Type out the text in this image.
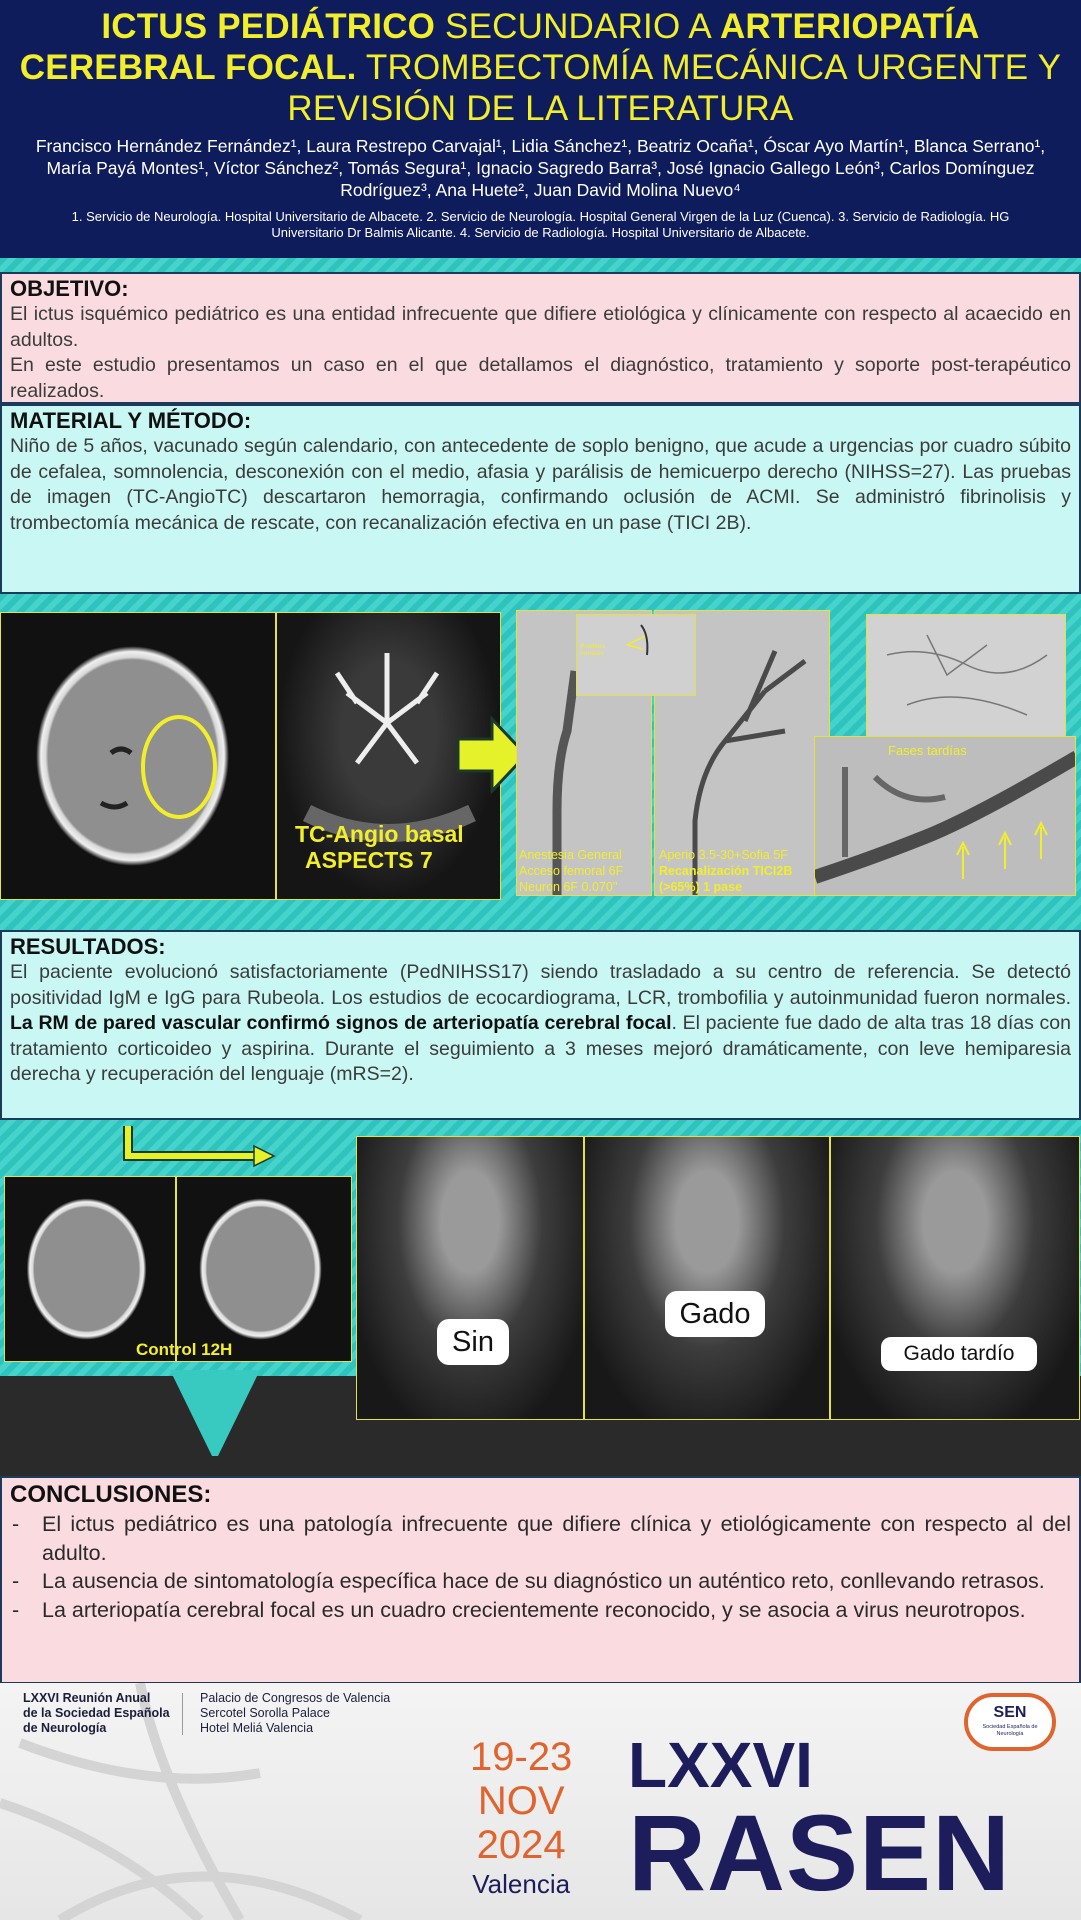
ICTUS PEDIÁTRICO SECUNDARIO A ARTERIOPATÍA CEREBRAL FOCAL. TROMBECTOMÍA MECÁNICA URGENTE Y REVISIÓN DE LA LITERATURA
Francisco Hernández Fernández¹, Laura Restrepo Carvajal¹, Lidia Sánchez¹, Beatriz Ocaña¹, Óscar Ayo Martín¹, Blanca Serrano¹, María Payá Montes¹, Víctor Sánchez², Tomás Segura¹, Ignacio Sagredo Barra³, José Ignacio Gallego León³, Carlos Domínguez Rodríguez³, Ana Huete², Juan David Molina Nuevo⁴
1. Servicio de Neurología. Hospital Universitario de Albacete. 2. Servicio de Neurología. Hospital General Virgen de la Luz (Cuenca). 3. Servicio de Radiología. HG Universitario Dr Balmis Alicante. 4. Servicio de Radiología. Hospital Universitario de Albacete.
OBJETIVO:

El ictus isquémico pediátrico es una entidad infrecuente que difiere etiológica y clínicamente con respecto al acaecido en adultos.

En este estudio presentamos un caso en el que detallamos el diagnóstico, tratamiento y soporte post-terapéutico realizados.

MATERIAL Y MÉTODO:

Niño de 5 años, vacunado según calendario, con antecedente de soplo benigno, que acude a urgencias por cuadro súbito de cefalea, somnolencia, desconexión con el medio, afasia y parálisis de hemicuerpo derecho (NIHSS=27). Las pruebas de imagen (TC-AngioTC) descartaron hemorragia, confirmando oclusión de ACMI. Se administró fibrinolisis y trombectomía mecánica de rescate, con recanalización efectiva en un pase (TICI 2B).

TC-Angio basal
ASPECTS 7	Anestesia General
Acceso femoral 6F
Neuron 6F 0.070''
Aperio 3.5-30+Sofia 5F
Recanalización TICI2B
(>65%) 1 pase
Posibles trombos
Fases tardías
RESULTADOS:

El paciente evolucionó satisfactoriamente (PedNIHSS17) siendo trasladado a su centro de referencia. Se detectó positividad IgM e IgG para Rubeola. Los estudios de ecocardiograma, LCR, trombofilia y autoinmunidad fueron normales. La RM de pared vascular confirmó signos de arteriopatía cerebral focal. El paciente fue dado de alta tras 18 días con tratamiento corticoideo y aspirina. Durante el seguimiento a 3 meses mejoró dramáticamente, con leve hemiparesia derecha y recuperación del lenguaje (mRS=2).

Control 12H	Sin
Gado
Gado tardío
CONCLUSIONES:
- El ictus pediátrico es una patología infrecuente que difiere clínica y etiológicamente con respecto al del adulto.
- La ausencia de sintomatología específica hace de su diagnóstico un auténtico reto, conllevando retrasos.
- La arteriopatía cerebral focal es un cuadro crecientemente reconocido, y se asocia a virus neurotropos.
LXXVI Reunión Anual
de la Sociedad Española
de Neurología
Palacio de Congresos de Valencia
Sercotel Sorolla Palace
Hotel Meliá Valencia
19-23
NOV
2024
Valencia
LXXVI
RASEN
SEN
Sociedad Española de Neurología
